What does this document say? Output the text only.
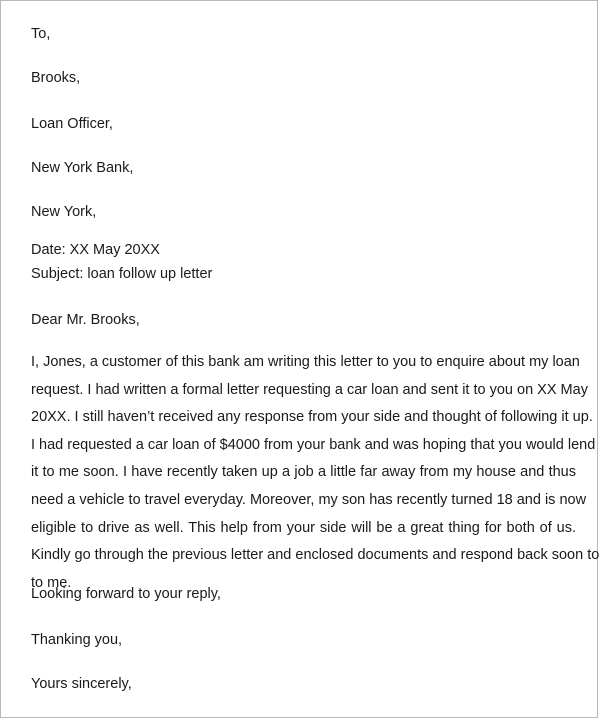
To,
Brooks,
Loan Officer,
New York Bank,
New York,
Date: XX May 20XX
Subject: loan follow up letter
Dear Mr. Brooks,
I, Jones, a customer of this bank am writing this letter to you to enquire about my loan
request. I had written a formal letter requesting a car loan and sent it to you on XX May
20XX. I still haven’t received any response from your side and thought of following it up.
I had requested a car loan of $4000 from your bank and was hoping that you would lend
it to me soon. I have recently taken up a job a little far away from my house and thus
need a vehicle to travel everyday. Moreover, my son has recently turned 18 and is now
eligible to drive as well. This help from your side will be a great thing for both of us.
Kindly go through the previous letter and enclosed documents and respond back soon to
to me.
Looking forward to your reply,
Thanking you,
Yours sincerely,
